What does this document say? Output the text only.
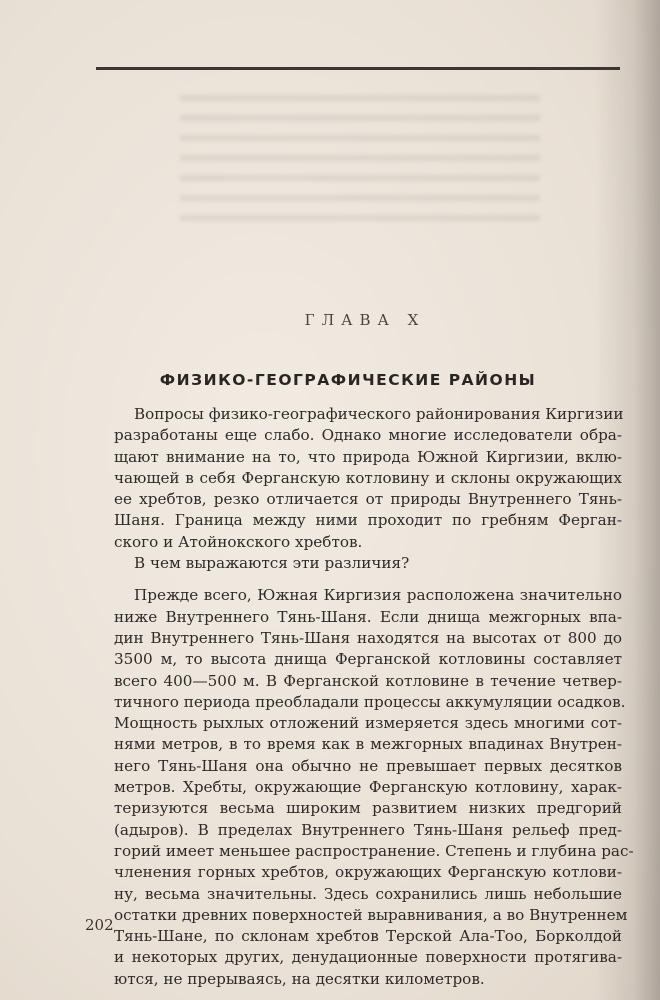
ГЛАВА X
ФИЗИКО-ГЕОГРАФИЧЕСКИЕ РАЙОНЫ
Вопросы физико-географического районирования Киргизии
разработаны еще слабо. Однако многие исследователи обра-
щают внимание на то, что природа Южной Киргизии, вклю-
чающей в себя Ферганскую котловину и склоны окружающих
ее хребтов, резко отличается от природы Внутреннего Тянь-
Шаня. Граница между ними проходит по гребням Ферган-
ского и Атойнокского хребтов.
В чем выражаются эти различия?
Прежде всего, Южная Киргизия расположена значительно
ниже Внутреннего Тянь-Шаня. Если днища межгорных впа-
дин Внутреннего Тянь-Шаня находятся на высотах от 800 до
3500 м, то высота днища Ферганской котловины составляет
всего 400—500 м. В Ферганской котловине в течение четвер-
тичного периода преобладали процессы аккумуляции осадков.
Мощность рыхлых отложений измеряется здесь многими сот-
нями метров, в то время как в межгорных впадинах Внутрен-
него Тянь-Шаня она обычно не превышает первых десятков
метров. Хребты, окружающие Ферганскую котловину, харак-
теризуются весьма широким развитием низких предгорий
(адыров). В пределах Внутреннего Тянь-Шаня рельеф пред-
горий имеет меньшее распространение. Степень и глубина рас-
членения горных хребтов, окружающих Ферганскую котлови-
ну, весьма значительны. Здесь сохранились лишь небольшие
остатки древних поверхностей выравнивания, а во Внутреннем
Тянь-Шане, по склонам хребтов Терской Ала-Тоо, Борколдой
и некоторых других, денудационные поверхности протягива-
ются, не прерываясь, на десятки километров.
202
